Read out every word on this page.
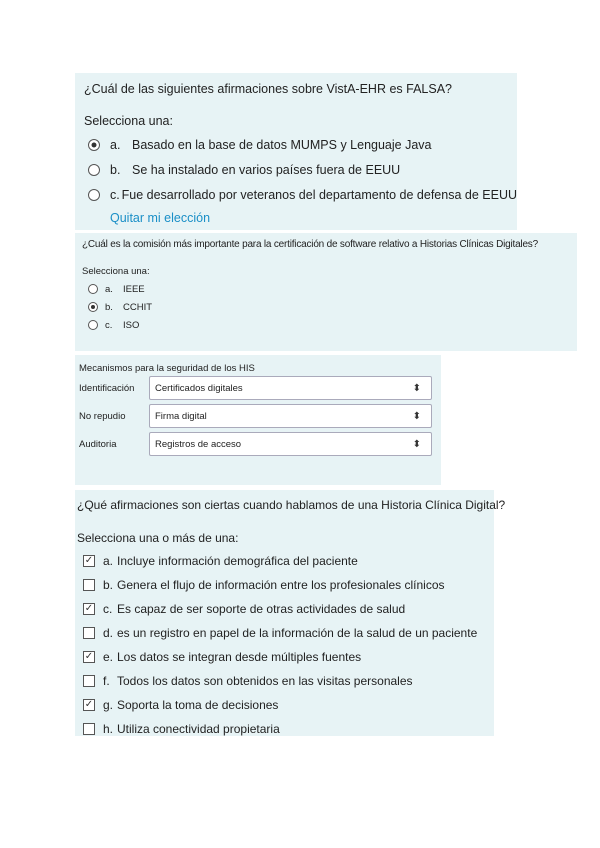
¿Cuál de las siguientes afirmaciones sobre VistA-EHR es FALSA?
Selecciona una:
a. Basado en la base de datos MUMPS y Lenguaje Java
b. Se ha instalado en varios países fuera de EEUU
c. Fue desarrollado por veteranos del departamento de defensa de EEUU
Quitar mi elección
¿Cuál es la comisión más importante para la certificación de software relativo a Historias Clínicas Digitales?
Selecciona una:
a.	IEEE
b.	CCHIT
c.	ISO
Mecanismos para la seguridad de los HIS
Identificación	Certificados digitales	⬍
No repudio	Firma digital	⬍
Auditoria	Registros de acceso	⬍
¿Qué afirmaciones son ciertas cuando hablamos de una Historia Clínica Digital?
Selecciona una o más de una:
✓ a. Incluye información demográfica del paciente
b. Genera el flujo de información entre los profesionales clínicos
✓ c. Es capaz de ser soporte de otras actividades de salud
d. es un registro en papel de la información de la salud de un paciente
✓ e. Los datos se integran desde múltiples fuentes
f. Todos los datos son obtenidos en las visitas personales
✓ g. Soporta la toma de decisiones
h. Utiliza conectividad propietaria
